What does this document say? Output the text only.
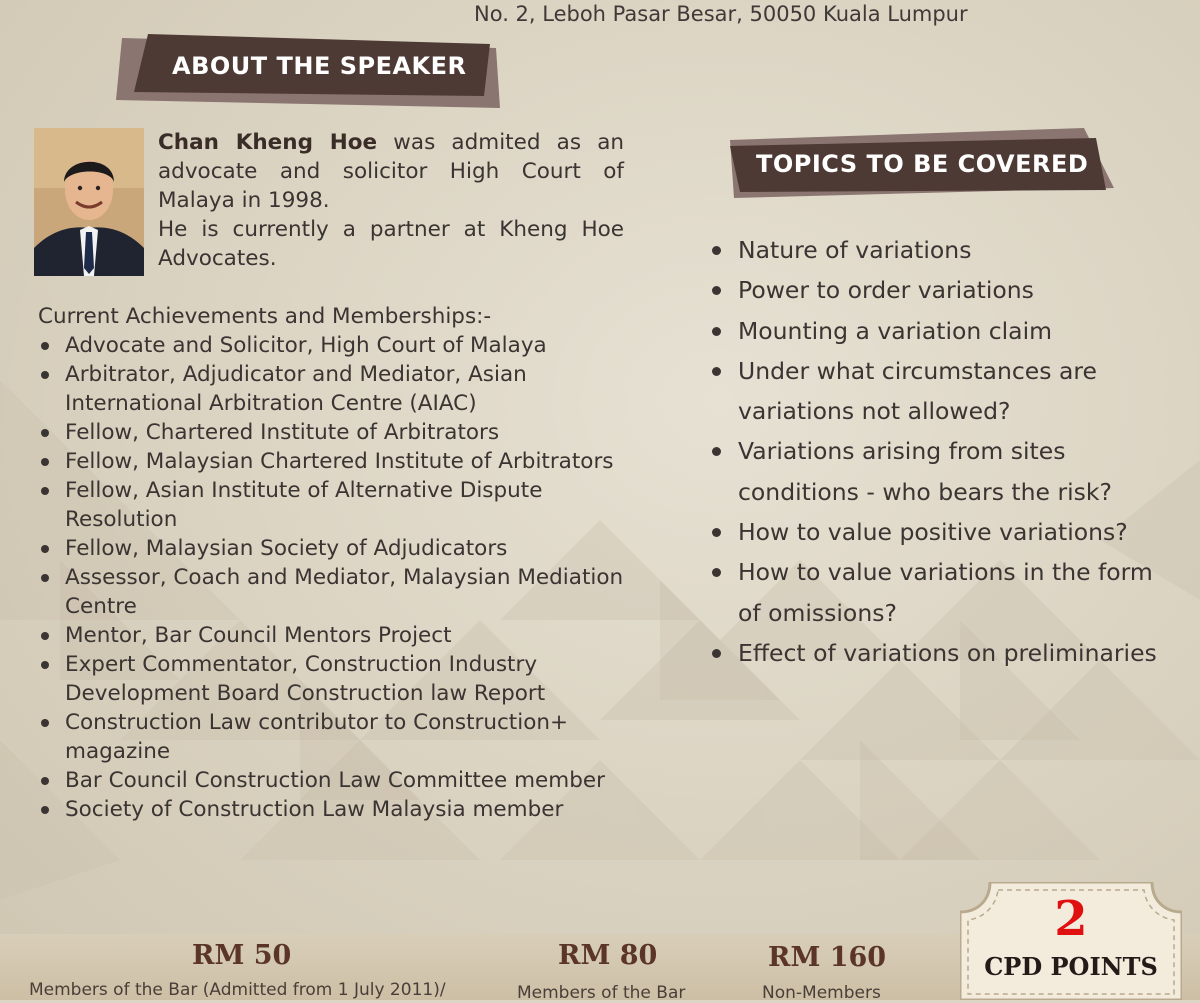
No. 2, Leboh Pasar Besar, 50050 Kuala Lumpur
ABOUT THE SPEAKER

Chan Kheng Hoe was admited as an advocate and solicitor High Court of Malaya in 1998.

He is currently a partner at Kheng Hoe Advocates.

Current Achievements and Memberships:-
Advocate and Solicitor, High Court of Malaya
Arbitrator, Adjudicator and Mediator, Asian International Arbitration Centre (AIAC)
Fellow, Chartered Institute of Arbitrators
Fellow, Malaysian Chartered Institute of Arbitrators
Fellow, Asian Institute of Alternative Dispute Resolution
Fellow, Malaysian Society of Adjudicators
Assessor, Coach and Mediator, Malaysian Mediation Centre
Mentor, Bar Council Mentors Project
Expert Commentator, Construction Industry Development Board Construction law Report
Construction Law contributor to Construction+ magazine
Bar Council Construction Law Committee member
Society of Construction Law Malaysia member
TOPICS TO BE COVERED
Nature of variations
Power to order variations
Mounting a variation claim
Under what circumstances are variations not allowed?
Variations arising from sites conditions - who bears the risk?
How to value positive variations?
How to value variations in the form of omissions?
Effect of variations on preliminaries
RM 50
Members of the Bar (Admitted from 1 July 2011)/
RM 80
Members of the Bar
RM 160
Non-Members
2
CPD POINTS
